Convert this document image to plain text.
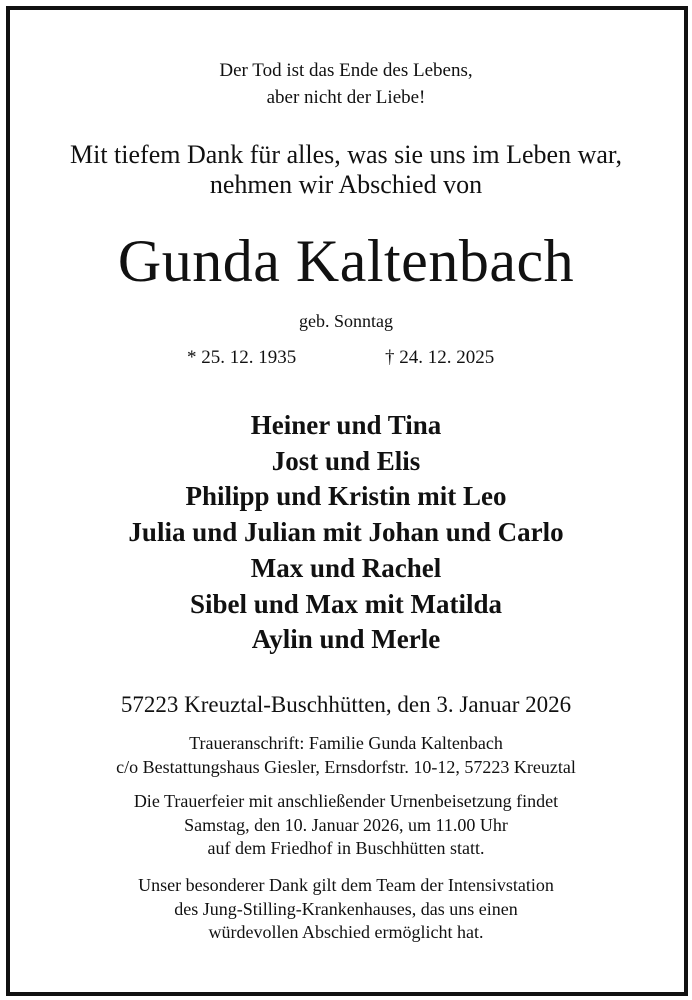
Der Tod ist das Ende des Lebens,
aber nicht der Liebe!
Mit tiefem Dank für alles, was sie uns im Leben war,
nehmen wir Abschied von
Gunda Kaltenbach
geb. Sonntag
* 25. 12. 1935	† 24. 12. 2025
Heiner und Tina
Jost und Elis
Philipp und Kristin mit Leo
Julia und Julian mit Johan und Carlo
Max und Rachel
Sibel und Max mit Matilda
Aylin und Merle
57223 Kreuztal-Buschhütten, den 3. Januar 2026
Traueranschrift: Familie Gunda Kaltenbach
c/o Bestattungshaus Giesler, Ernsdorfstr. 10-12, 57223 Kreuztal
Die Trauerfeier mit anschließender Urnenbeisetzung findet
Samstag, den 10. Januar 2026, um 11.00 Uhr
auf dem Friedhof in Buschhütten statt.
Unser besonderer Dank gilt dem Team der Intensivstation
des Jung-Stilling-Krankenhauses, das uns einen
würdevollen Abschied ermöglicht hat.
